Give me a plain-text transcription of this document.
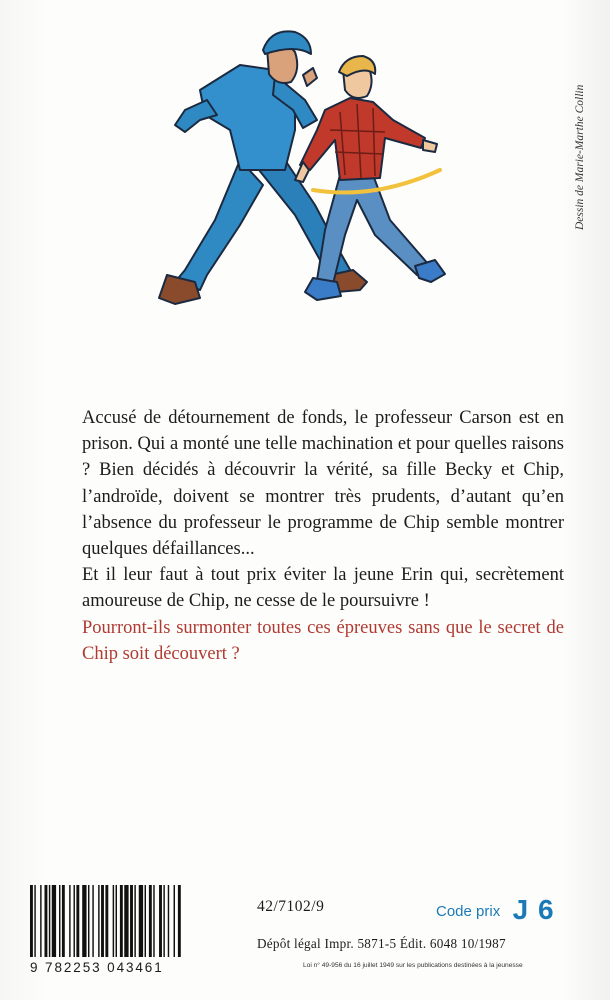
Dessin de Marie-Marthe Collin

Accusé de détournement de fonds, le professeur Carson est en prison. Qui a monté une telle machination et pour quelles raisons ? Bien décidés à découvrir la vérité, sa fille Becky et Chip, l’androïde, doivent se montrer très prudents, d’autant qu’en l’absence du professeur le programme de Chip semble montrer quelques défaillances...

Et il leur faut à tout prix éviter la jeune Erin qui, secrètement amoureuse de Chip, ne cesse de le poursuivre !

Pourront-ils surmonter toutes ces épreuves sans que le secret de Chip soit découvert ?

9 782253 043461
42/7102/9	Code prix J 6
Dépôt légal Impr. 5871-5 Édit. 6048 10/1987
Loi n° 49-956 du 16 juillet 1949 sur les publications destinées à la jeunesse
